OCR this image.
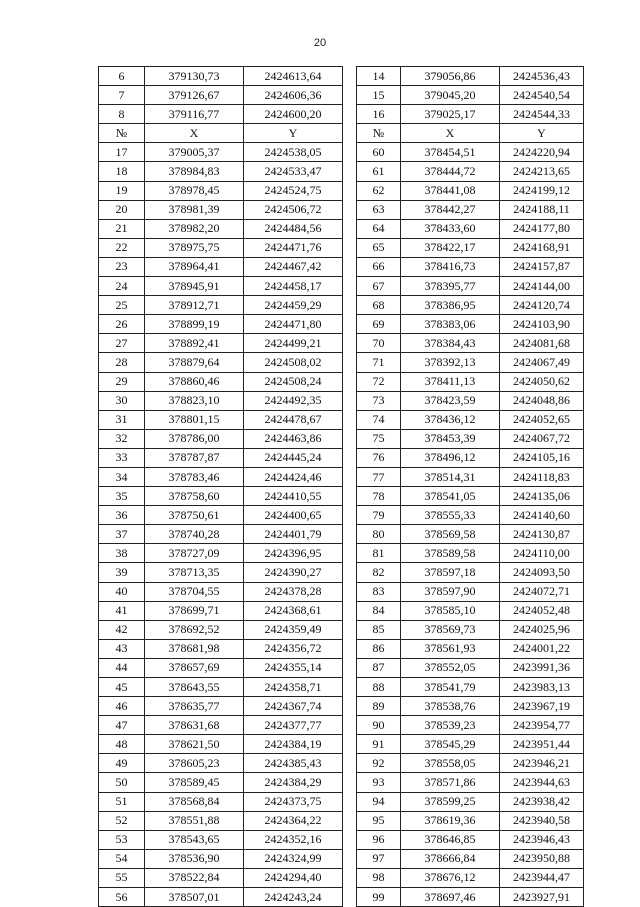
20
6	379130,73	2424613,64		14	379056,86	2424536,43
7	379126,67	2424606,36		15	379045,20	2424540,54
8	379116,77	2424600,20		16	379025,17	2424544,33
№	X	Y		№	X	Y
17	379005,37	2424538,05		60	378454,51	2424220,94
18	378984,83	2424533,47		61	378444,72	2424213,65
19	378978,45	2424524,75		62	378441,08	2424199,12
20	378981,39	2424506,72		63	378442,27	2424188,11
21	378982,20	2424484,56		64	378433,60	2424177,80
22	378975,75	2424471,76		65	378422,17	2424168,91
23	378964,41	2424467,42		66	378416,73	2424157,87
24	378945,91	2424458,17		67	378395,77	2424144,00
25	378912,71	2424459,29		68	378386,95	2424120,74
26	378899,19	2424471,80		69	378383,06	2424103,90
27	378892,41	2424499,21		70	378384,43	2424081,68
28	378879,64	2424508,02		71	378392,13	2424067,49
29	378860,46	2424508,24		72	378411,13	2424050,62
30	378823,10	2424492,35		73	378423,59	2424048,86
31	378801,15	2424478,67		74	378436,12	2424052,65
32	378786,00	2424463,86		75	378453,39	2424067,72
33	378787,87	2424445,24		76	378496,12	2424105,16
34	378783,46	2424424,46		77	378514,31	2424118,83
35	378758,60	2424410,55		78	378541,05	2424135,06
36	378750,61	2424400,65		79	378555,33	2424140,60
37	378740,28	2424401,79		80	378569,58	2424130,87
38	378727,09	2424396,95		81	378589,58	2424110,00
39	378713,35	2424390,27		82	378597,18	2424093,50
40	378704,55	2424378,28		83	378597,90	2424072,71
41	378699,71	2424368,61		84	378585,10	2424052,48
42	378692,52	2424359,49		85	378569,73	2424025,96
43	378681,98	2424356,72		86	378561,93	2424001,22
44	378657,69	2424355,14		87	378552,05	2423991,36
45	378643,55	2424358,71		88	378541,79	2423983,13
46	378635,77	2424367,74		89	378538,76	2423967,19
47	378631,68	2424377,77		90	378539,23	2423954,77
48	378621,50	2424384,19		91	378545,29	2423951,44
49	378605,23	2424385,43		92	378558,05	2423946,21
50	378589,45	2424384,29		93	378571,86	2423944,63
51	378568,84	2424373,75		94	378599,25	2423938,42
52	378551,88	2424364,22		95	378619,36	2423940,58
53	378543,65	2424352,16		96	378646,85	2423946,43
54	378536,90	2424324,99		97	378666,84	2423950,88
55	378522,84	2424294,40		98	378676,12	2423944,47
56	378507,01	2424243,24		99	378697,46	2423927,91
